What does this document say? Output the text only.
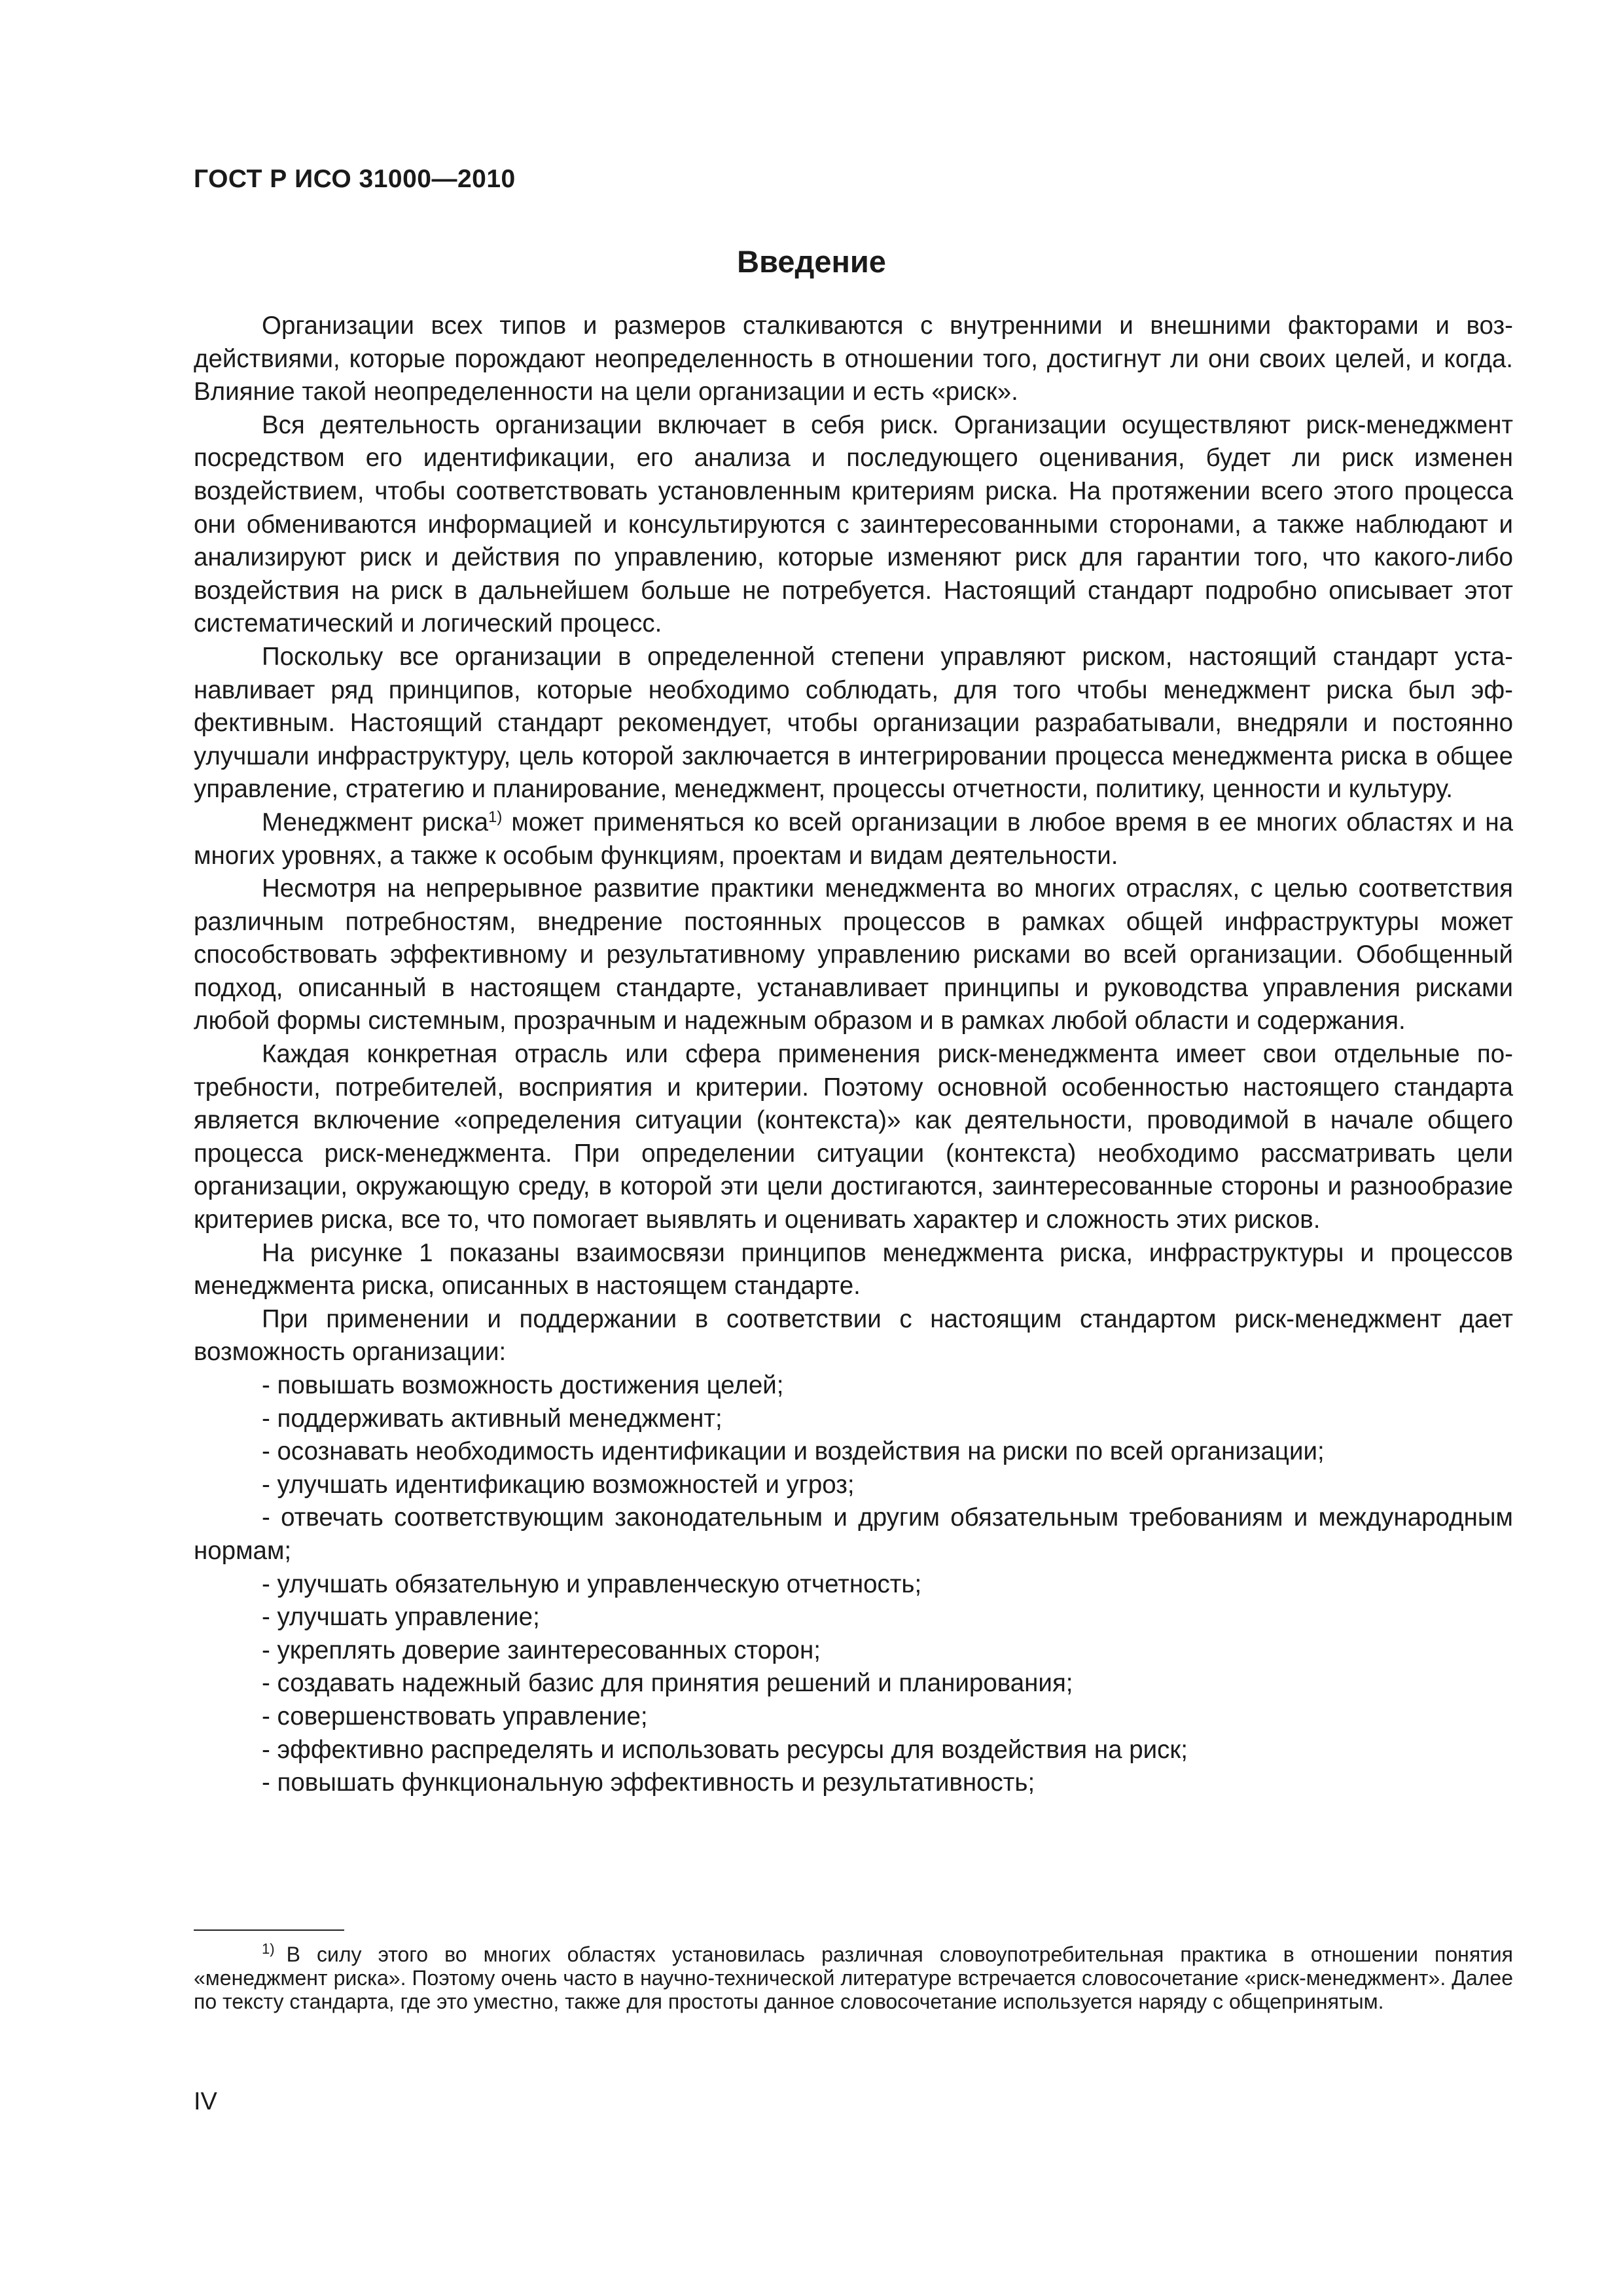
ГОСТ Р ИСО 31000—2010
Введение

Организации всех типов и размеров сталкиваются с внутренними и внешними факторами и воздействиями, которые порождают неопределенность в отношении того, достигнут ли они своих целей, и когда. Влияние такой неопределенности на цели организации и есть «риск».

Вся деятельность организации включает в себя риск. Организации осуществляют риск-менеджмент посредством его идентификации, его анализа и последующего оценивания, будет ли риск изменен воздействием, чтобы соответствовать установленным критериям риска. На протяжении всего этого процесса они обмениваются информацией и консультируются с заинтересованными сторонами, а также наблюдают и анализируют риск и действия по управлению, которые изменяют риск для гарантии того, что какого-либо воздействия на риск в дальнейшем больше не потребуется. Настоящий стандарт подробно описывает этот систематический и логический процесс.

Поскольку все организации в определенной степени управляют риском, настоящий стандарт устанавливает ряд принципов, которые необходимо соблюдать, для того чтобы менеджмент риска был эффективным. Настоящий стандарт рекомендует, чтобы организации разрабатывали, внедряли и постоянно улучшали инфраструктуру, цель которой заключается в интегрировании процесса менеджмента риска в общее управление, стратегию и планирование, менеджмент, процессы отчетности, политику, ценности и культуру.

Менеджмент риска$^{1)}$ может применяться ко всей организации в любое время в ее многих областях и на многих уровнях, а также к особым функциям, проектам и видам деятельности.

Несмотря на непрерывное развитие практики менеджмента во многих отраслях, с целью соответствия различным потребностям, внедрение постоянных процессов в рамках общей инфраструктуры может способствовать эффективному и результативному управлению рисками во всей организации. Обобщенный подход, описанный в настоящем стандарте, устанавливает принципы и руководства управления рисками любой формы системным, прозрачным и надежным образом и в рамках любой области и содержания.

Каждая конкретная отрасль или сфера применения риск-менеджмента имеет свои отдельные потребности, потребителей, восприятия и критерии. Поэтому основной особенностью настоящего стандарта является включение «определения ситуации (контекста)» как деятельности, проводимой в начале общего процесса риск-менеджмента. При определении ситуации (контекста) необходимо рассматривать цели организации, окружающую среду, в которой эти цели достигаются, заинтересованные стороны и разнообразие критериев риска, все то, что помогает выявлять и оценивать характер и сложность этих рисков.

На рисунке 1 показаны взаимосвязи принципов менеджмента риска, инфраструктуры и процессов менеджмента риска, описанных в настоящем стандарте.

При применении и поддержании в соответствии с настоящим стандартом риск-менеджмент дает возможность организации:

- повышать возможность достижения целей;
- поддерживать активный менеджмент;
- осознавать необходимость идентификации и воздействия на риски по всей организации;
- улучшать идентификацию возможностей и угроз;
- отвечать соответствующим законодательным и другим обязательным требованиям и международным нормам;
- улучшать обязательную и управленческую отчетность;
- улучшать управление;
- укреплять доверие заинтересованных сторон;
- создавать надежный базис для принятия решений и планирования;
- совершенствовать управление;
- эффективно распределять и использовать ресурсы для воздействия на риск;
- повышать функциональную эффективность и результативность;
$^{1)}$ В силу этого во многих областях установилась различная словоупотребительная практика в отношении понятия «менеджмент риска». Поэтому очень часто в научно-технической литературе встречается словосочетание «риск-менеджмент». Далее по тексту стандарта, где это уместно, также для простоты данное словосочетание используется наряду с общепринятым.
IV
